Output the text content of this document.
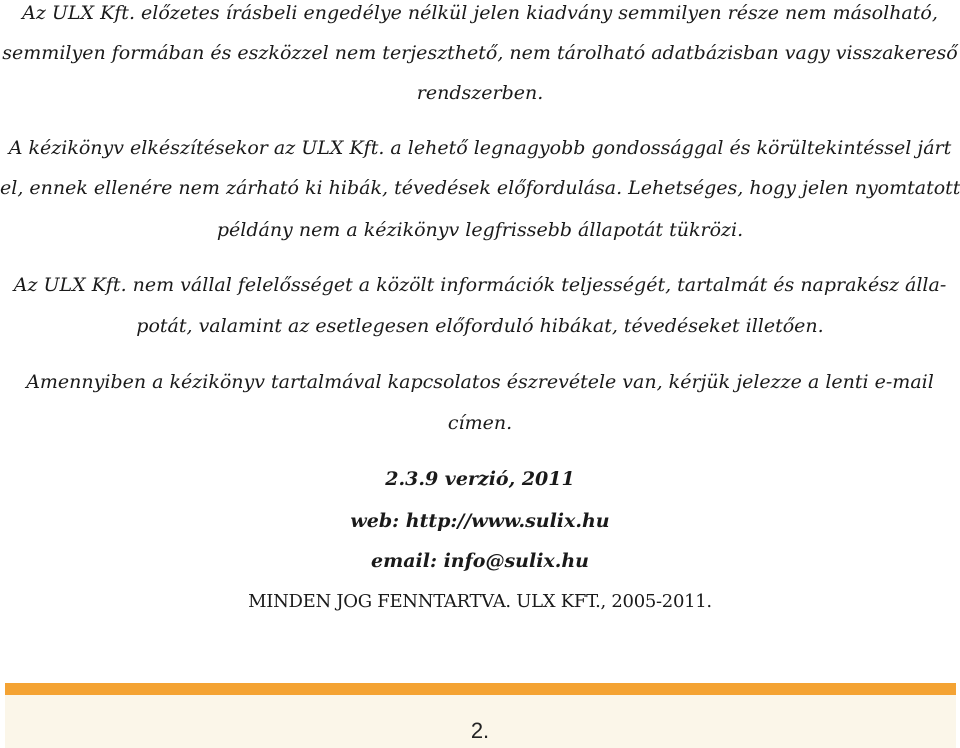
Az ULX Kft. előzetes írásbeli engedélye nélkül jelen kiadvány semmilyen része nem másolható,

semmilyen formában és eszközzel nem terjeszthető, nem tárolható adatbázisban vagy visszakereső

rendszerben.

A kézikönyv elkészítésekor az ULX Kft. a lehető legnagyobb gondossággal és körültekintéssel járt

el, ennek ellenére nem zárható ki hibák, tévedések előfordulása. Lehetséges, hogy jelen nyomtatott

példány nem a kézikönyv legfrissebb állapotát tükrözi.

Az ULX Kft. nem vállal felelősséget a közölt információk teljességét, tartalmát és naprakész álla-

potát, valamint az esetlegesen előforduló hibákat, tévedéseket illetően.

Amennyiben a kézikönyv tartalmával kapcsolatos észrevétele van, kérjük jelezze a lenti e-mail

címen.

2.3.9 verzió, 2011

web: http://www.sulix.hu

email: info@sulix.hu

MINDEN JOG FENNTARTVA. ULX KFT., 2005-2011.

2.
